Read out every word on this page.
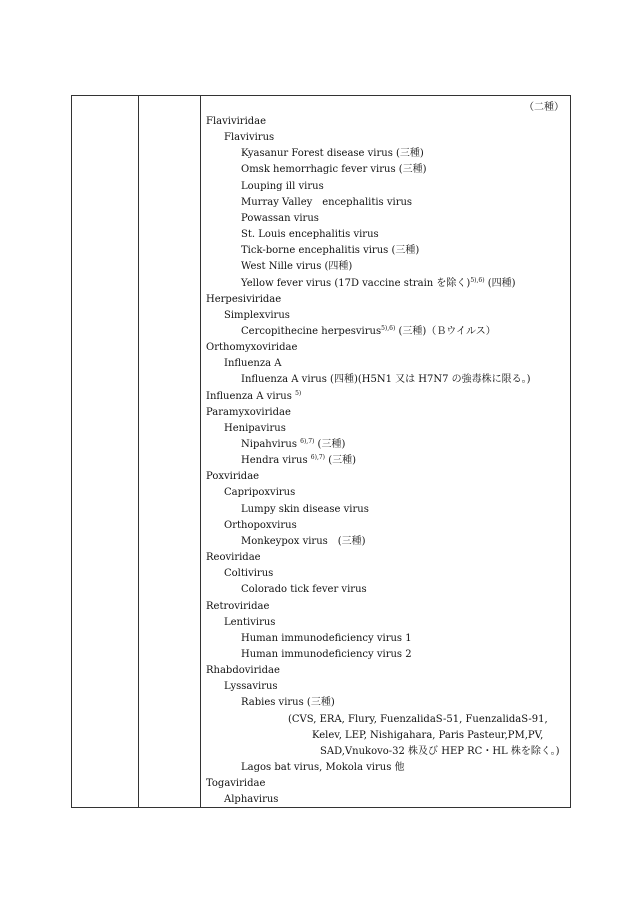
（二種）
Flaviviridae
Flavivirus
Kyasanur Forest disease virus (三種)
Omsk hemorrhagic fever virus (三種)
Louping ill virus
Murray Valley　encephalitis virus
Powassan virus
St. Louis encephalitis virus
Tick-borne encephalitis virus (三種)
West Nille virus (四種)
Yellow fever virus (17D vaccine strain を除く)$^{5),6)}$ (四種)
Herpesiviridae
Simplexvirus
Cercopithecine herpesvirus$^{5),6)}$ (三種)（Ｂウイルス）
Orthomyxoviridae
Influenza A
Influenza A virus (四種)(H5N1 又は H7N7 の強毒株に限る。)
Influenza A virus $^{5)}$
Paramyxoviridae
Henipavirus
Nipahvirus $^{6),7)}$ (三種)
Hendra virus $^{6),7)}$ (三種)
Poxviridae
Capripoxvirus
Lumpy skin disease virus
Orthopoxvirus
Monkeypox virus　(三種)
Reoviridae
Coltivirus
Colorado tick fever virus
Retroviridae
Lentivirus
Human immunodeficiency virus 1
Human immunodeficiency virus 2
Rhabdoviridae
Lyssavirus
Rabies virus (三種)
(CVS, ERA, Flury, FuenzalidaS-51, FuenzalidaS-91,
Kelev, LEP, Nishigahara, Paris Pasteur,PM,PV,
SAD,Vnukovo-32 株及び HEP RC・HL 株を除く。)
Lagos bat virus, Mokola virus 他
Togaviridae
Alphavirus
